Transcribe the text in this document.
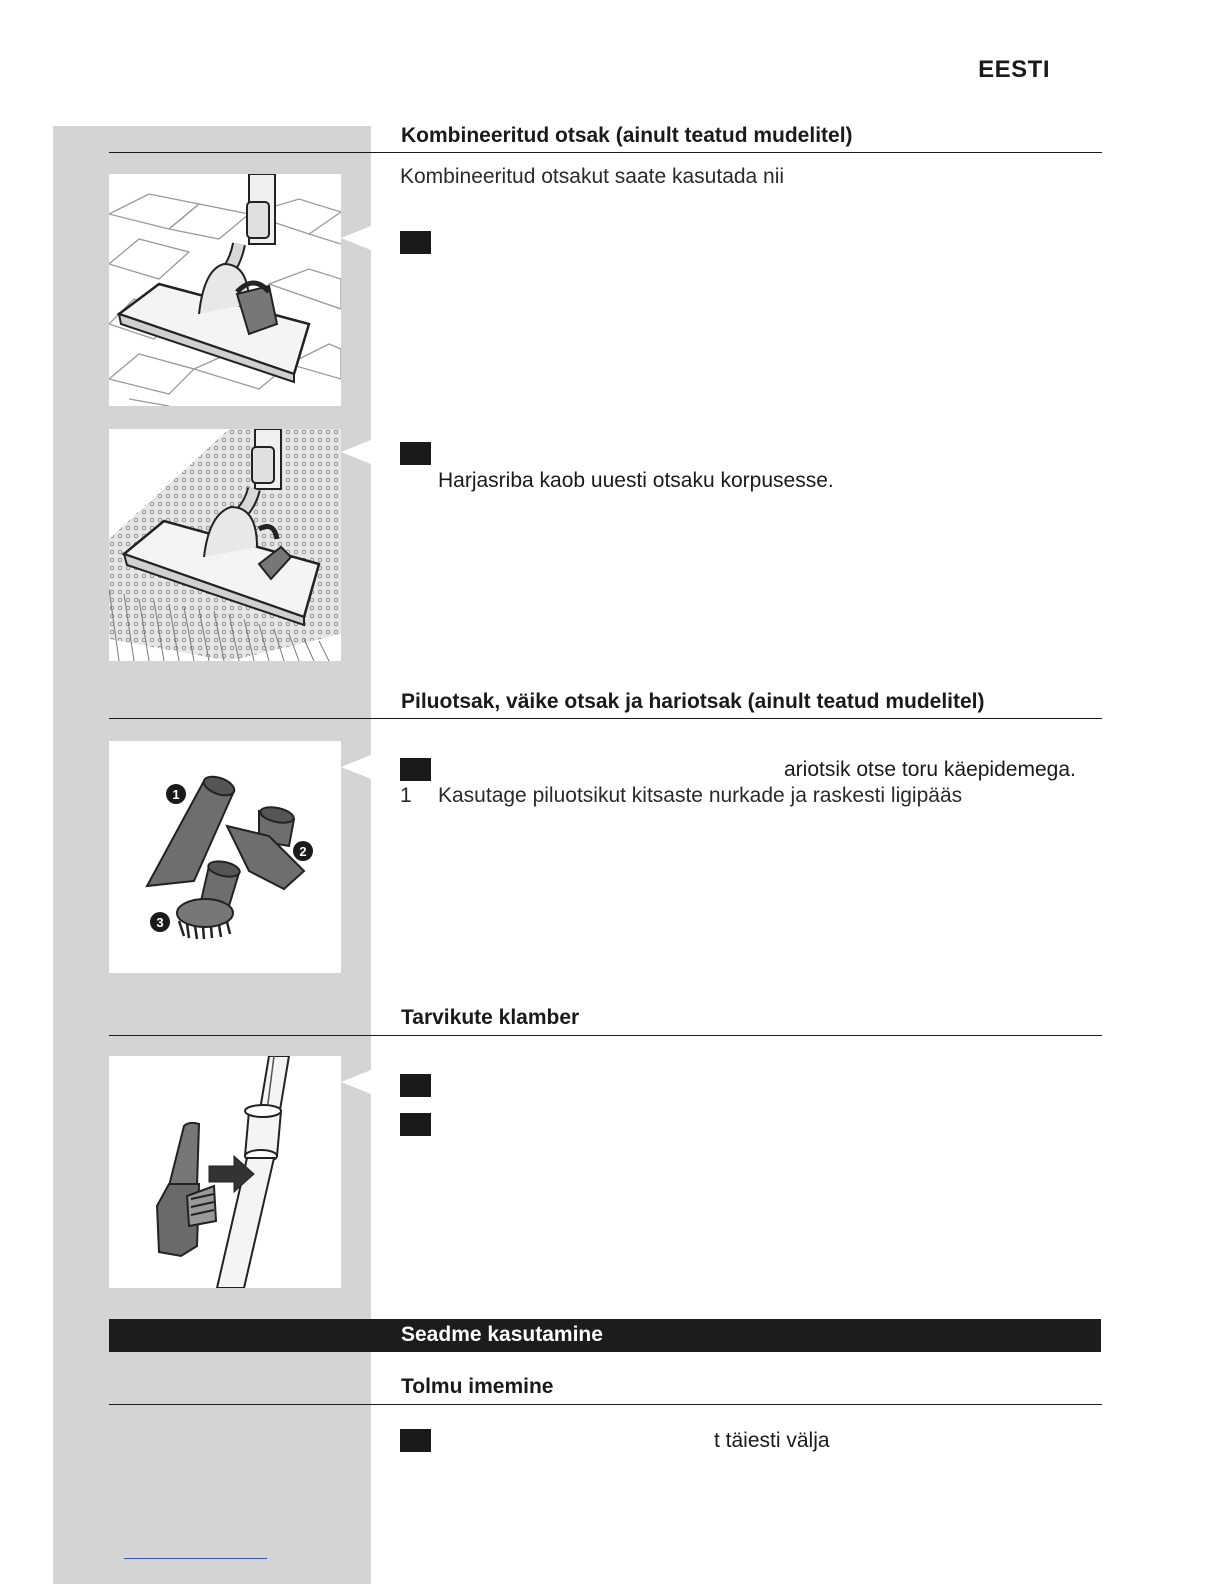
EESTI
Kombineeritud otsak (ainult teatud mudelitel)
Kombineeritud otsakut saate kasutada nii
Harjasriba kaob uuesti otsaku korpusesse.
Piluotsak, väike otsak ja hariotsak (ainult teatud mudelitel)
1
2
3
ariotsik otse toru käepidemega.
1 Kasutage piluotsikut kitsaste nurkade ja raskesti ligipääs
Tarvikute klamber
Seadme kasutamine
Tolmu imemine
t täiesti välja
